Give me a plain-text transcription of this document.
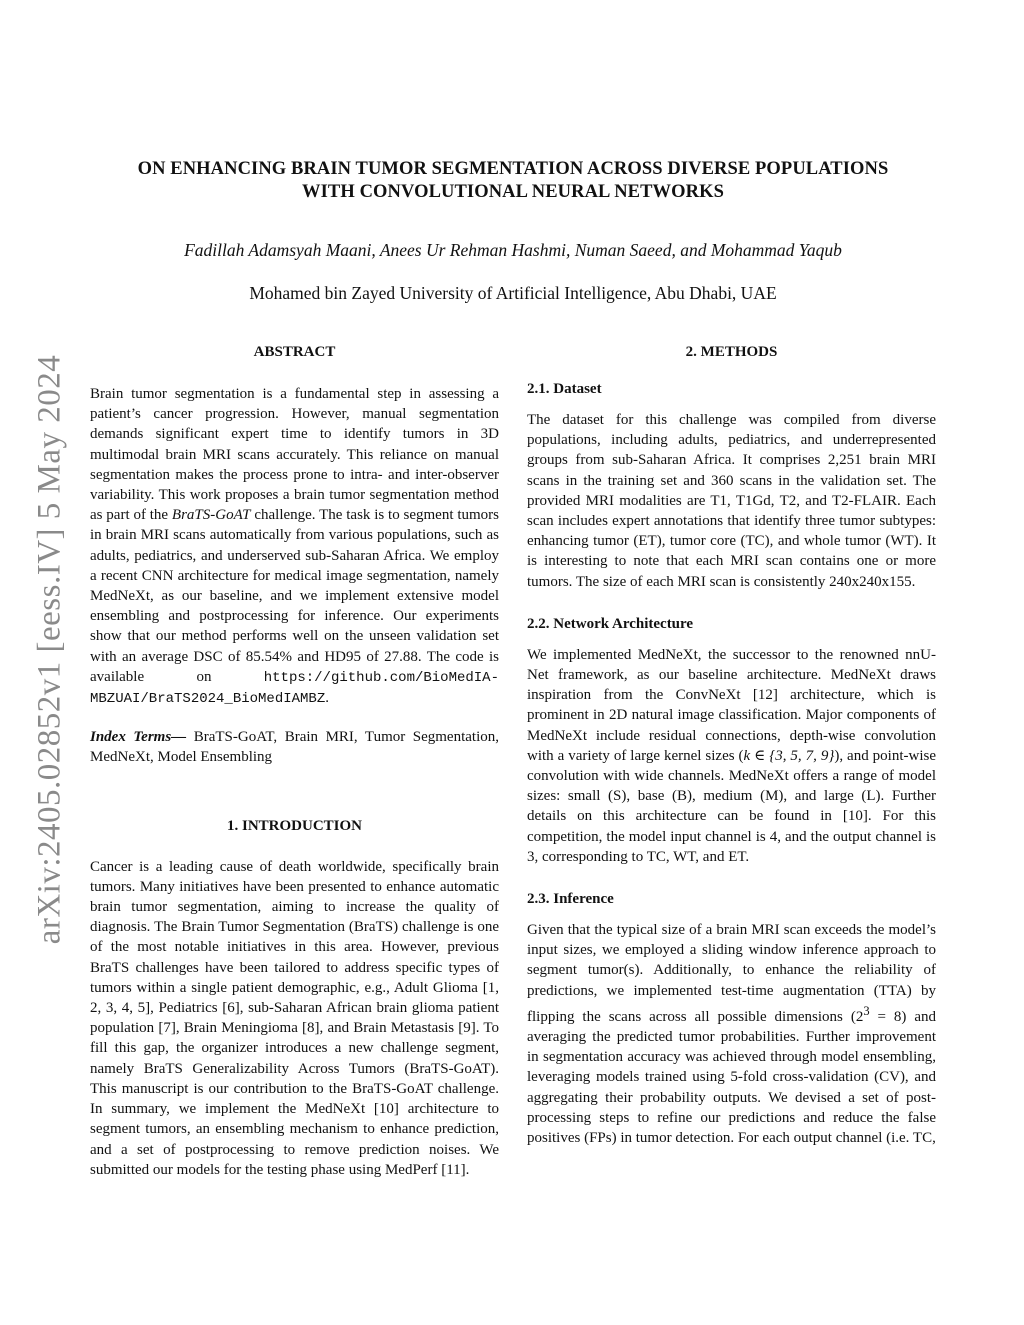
arXiv:2405.02852v1 [eess.IV] 5 May 2024
ON ENHANCING BRAIN TUMOR SEGMENTATION ACROSS DIVERSE POPULATIONS
WITH CONVOLUTIONAL NEURAL NETWORKS
Fadillah Adamsyah Maani, Anees Ur Rehman Hashmi, Numan Saeed, and Mohammad Yaqub
Mohamed bin Zayed University of Artificial Intelligence, Abu Dhabi, UAE
ABSTRACT

Brain tumor segmentation is a fundamental step in assessing a patient’s cancer progression. However, manual segmentation demands significant expert time to identify tumors in 3D multimodal brain MRI scans accurately. This reliance on manual segmentation makes the process prone to intra- and inter-observer variability. This work proposes a brain tumor segmentation method as part of the BraTS-GoAT challenge. The task is to segment tumors in brain MRI scans automatically from various populations, such as adults, pediatrics, and underserved sub-Saharan Africa. We employ a recent CNN architecture for medical image segmentation, namely MedNeXt, as our baseline, and we implement extensive model ensembling and postprocessing for inference. Our experiments show that our method performs well on the unseen validation set with an average DSC of 85.54% and HD95 of 27.88. The code is available on https://github.com/BioMedIA-MBZUAI/BraTS2024_BioMedIAMBZ.

Index Terms— BraTS-GoAT, Brain MRI, Tumor Segmentation, MedNeXt, Model Ensembling

1. INTRODUCTION

Cancer is a leading cause of death worldwide, specifically brain tumors. Many initiatives have been presented to enhance automatic brain tumor segmentation, aiming to increase the quality of diagnosis. The Brain Tumor Segmentation (BraTS) challenge is one of the most notable initiatives in this area. However, previous BraTS challenges have been tailored to address specific types of tumors within a single patient demographic, e.g., Adult Glioma [1, 2, 3, 4, 5], Pediatrics [6], sub-Saharan African brain glioma patient population [7], Brain Meningioma [8], and Brain Metastasis [9]. To fill this gap, the organizer introduces a new challenge segment, namely BraTS Generalizability Across Tumors (BraTS-GoAT). This manuscript is our contribution to the BraTS-GoAT challenge. In summary, we implement the MedNeXt [10] architecture to segment tumors, an ensembling mechanism to enhance prediction, and a set of postprocessing to remove prediction noises. We submitted our models for the testing phase using MedPerf [11].

2. METHODS
2.1. Dataset

The dataset for this challenge was compiled from diverse populations, including adults, pediatrics, and underrepresented groups from sub-Saharan Africa. It comprises 2,251 brain MRI scans in the training set and 360 scans in the validation set. The provided MRI modalities are T1, T1Gd, T2, and T2-FLAIR. Each scan includes expert annotations that identify three tumor subtypes: enhancing tumor (ET), tumor core (TC), and whole tumor (WT). It is interesting to note that each MRI scan contains one or more tumors. The size of each MRI scan is consistently 240x240x155.

2.2. Network Architecture

We implemented MedNeXt, the successor to the renowned nnU-Net framework, as our baseline architecture. MedNeXt draws inspiration from the ConvNeXt [12] architecture, which is prominent in 2D natural image classification. Major components of MedNeXt include residual connections, depth-wise convolution with a variety of large kernel sizes (k ∈ {3, 5, 7, 9}), and point-wise convolution with wide channels. MedNeXt offers a range of model sizes: small (S), base (B), medium (M), and large (L). Further details on this architecture can be found in [10]. For this competition, the model input channel is 4, and the output channel is 3, corresponding to TC, WT, and ET.

2.3. Inference

Given that the typical size of a brain MRI scan exceeds the model’s input sizes, we employed a sliding window inference approach to segment tumor(s). Additionally, to enhance the reliability of predictions, we implemented test-time augmentation (TTA) by flipping the scans across all possible dimensions $(2^3 = 8)$ and averaging the predicted tumor probabilities. Further improvement in segmentation accuracy was achieved through model ensembling, leveraging models trained using 5-fold cross-validation (CV), and aggregating their probability outputs. We devised a set of post-processing steps to refine our predictions and reduce the false positives (FPs) in tumor detection. For each output channel (i.e. TC,
